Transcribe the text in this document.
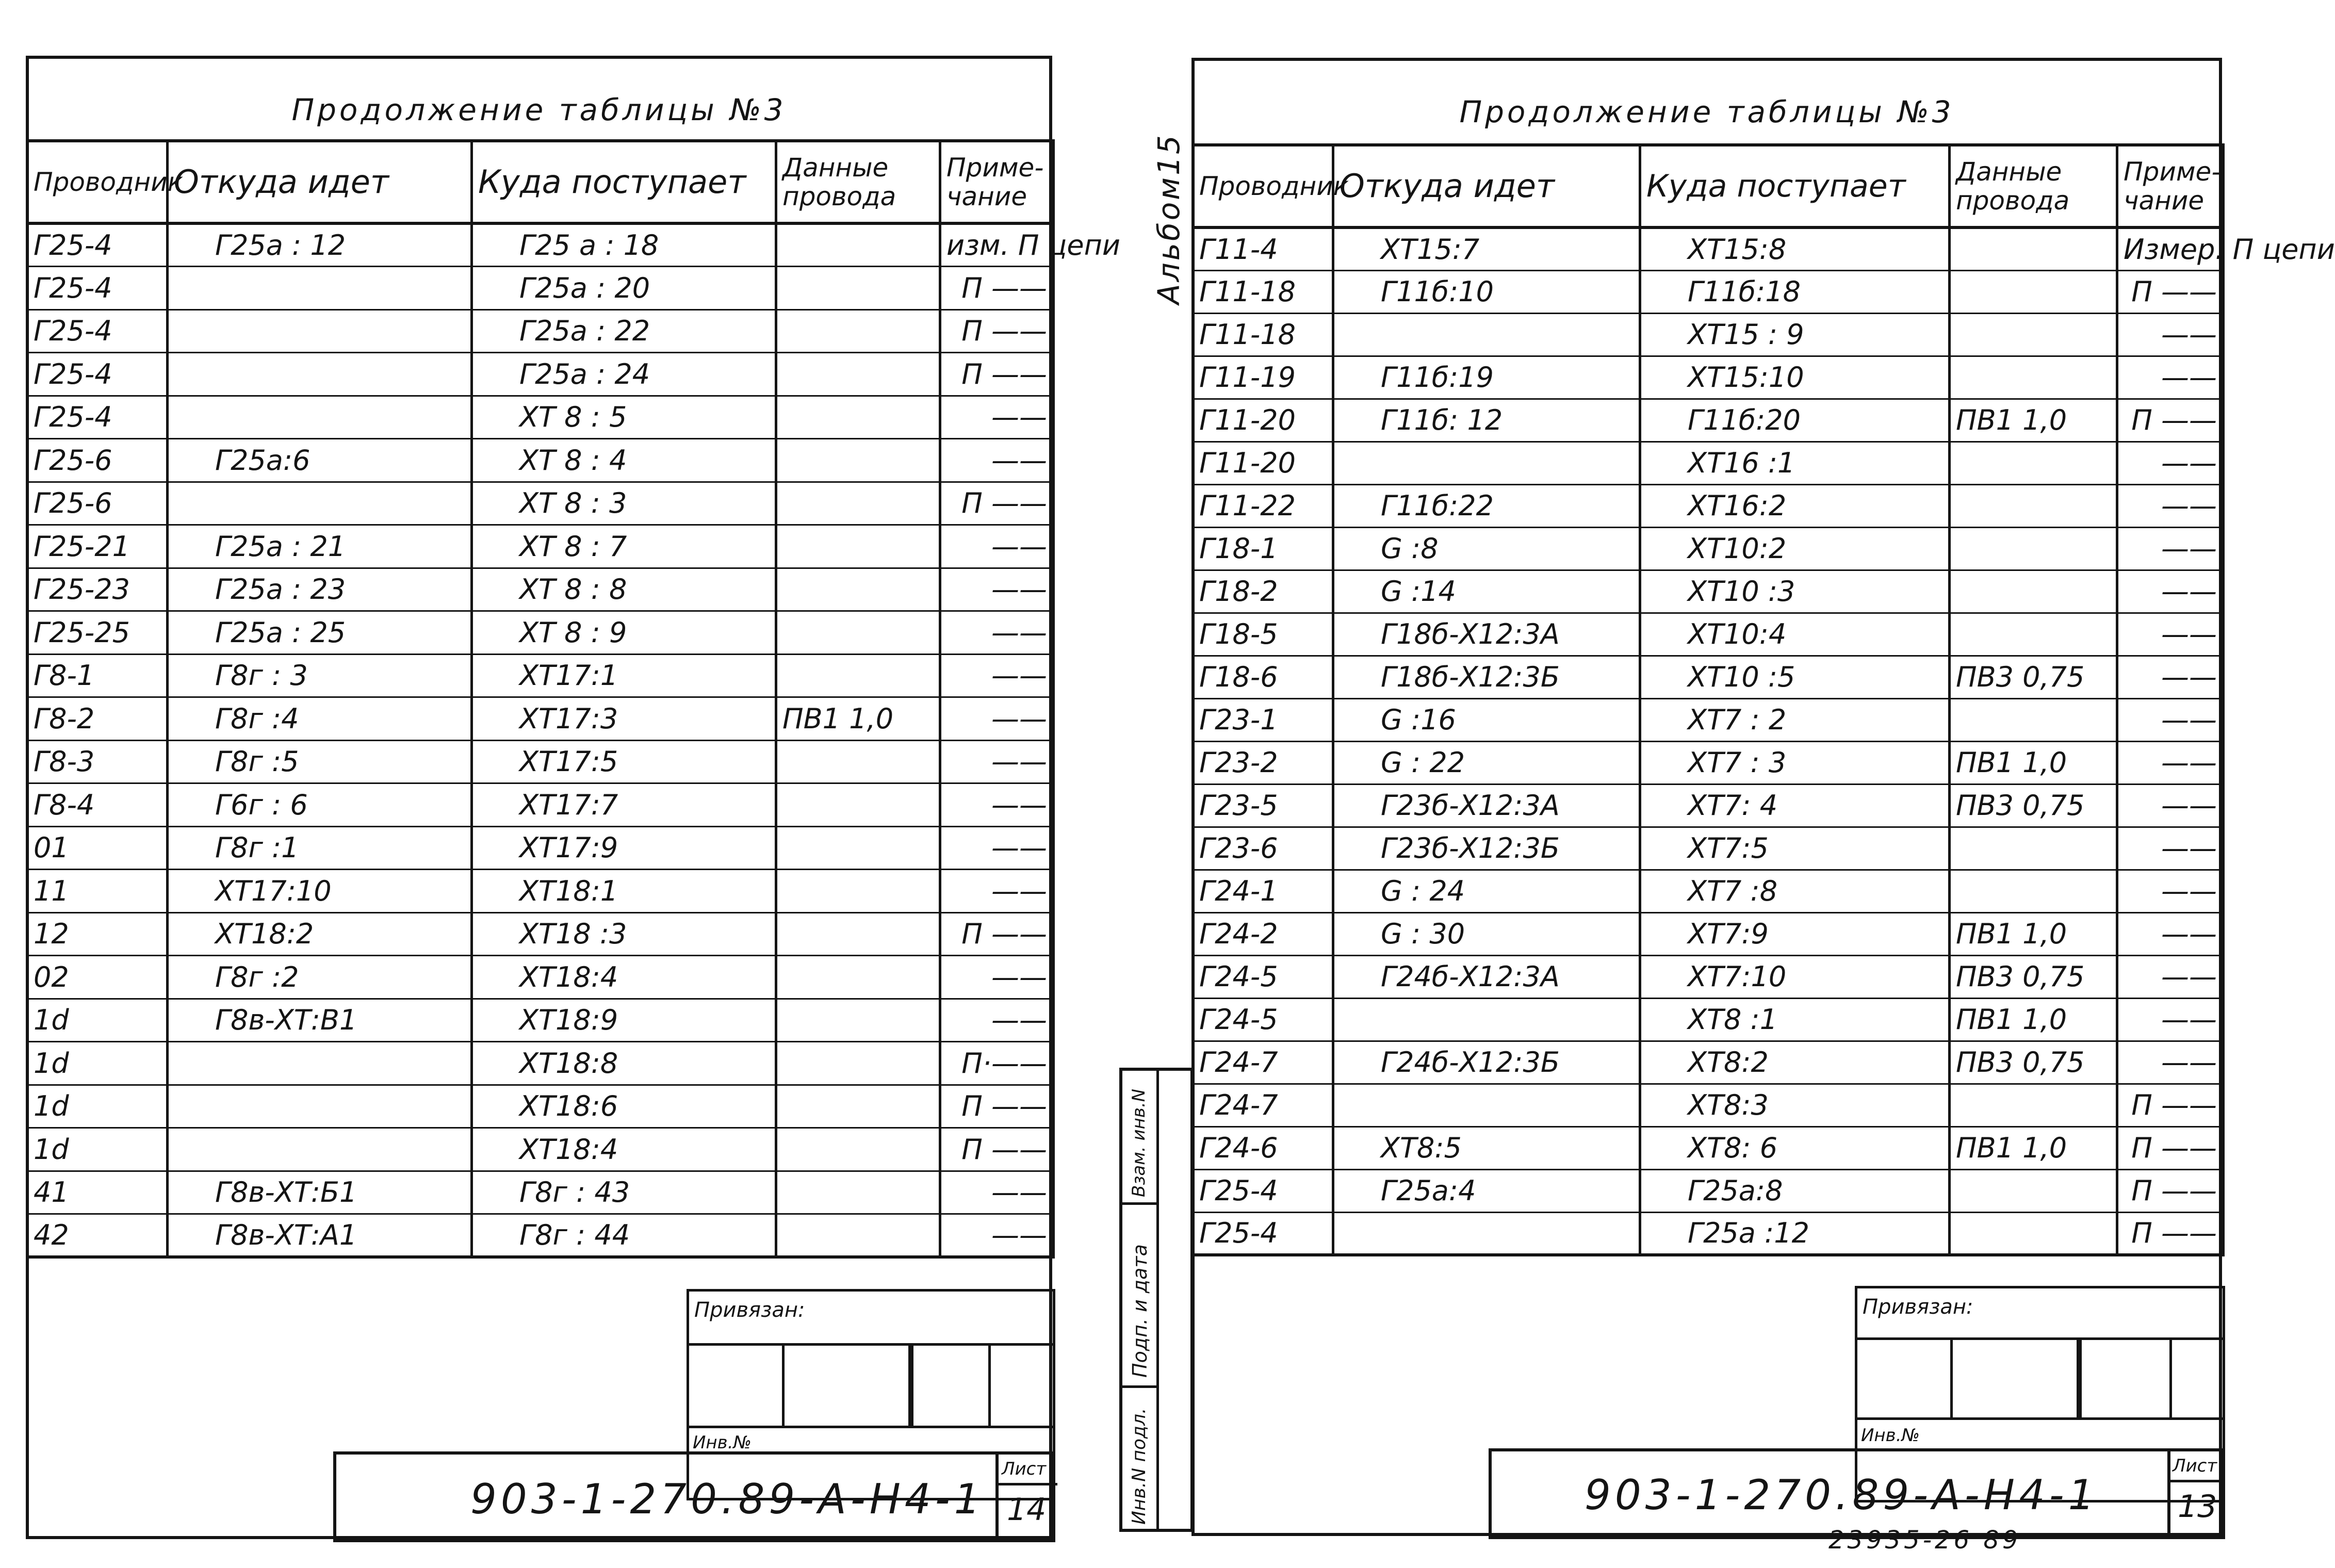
Продолжение таблицы №3
Проводник	Откуда идет	Куда поступает	Данные провода	Приме-чание
Г25-4	Г25а : 12	Г25 а : 18		изм. П цепи
Г25-4		Г25а : 20		П ——
Г25-4		Г25а : 22		П ——
Г25-4		Г25а : 24		П ——
Г25-4		ХТ 8 : 5		——
Г25-6	Г25а:6	ХТ 8 : 4		——
Г25-6		ХТ 8 : 3		П ——
Г25-21	Г25а : 21	ХТ 8 : 7		——
Г25-23	Г25а : 23	ХТ 8 : 8		——
Г25-25	Г25а : 25	ХТ 8 : 9		——
Г8-1	Г8г : 3	ХТ17:1		——
Г8-2	Г8г :4	ХТ17:3	ПВ1 1,0	——
Г8-3	Г8г :5	ХТ17:5		——
Г8-4	Г6г : 6	ХТ17:7		——
01	Г8г :1	ХТ17:9		——
11	ХТ17:10	ХТ18:1		——
12	ХТ18:2	ХТ18 :3		П ——
02	Г8г :2	ХТ18:4		——
1d	Г8в-ХТ:В1	ХТ18:9		——
1d		ХТ18:8		П·——
1d		ХТ18:6		П ——
1d		ХТ18:4		П ——
41	Г8в-ХТ:Б1	Г8г : 43		——
42	Г8в-ХТ:А1	Г8г : 44		——
Привязан:
Инв.№
903-1-270.89-А-Н4-1
Лист
14
Альбом15
Инв.N подл.
Подп. и дата
Взам. инв.N
Продолжение таблицы №3
Проводник	Откуда идет	Куда поступает	Данные провода	Приме-чание
Г11-4	ХТ15:7	ХТ15:8		Измер. П цепи
Г11-18	Г11б:10	Г11б:18		П ——
Г11-18		ХТ15 : 9		——
Г11-19	Г11б:19	ХТ15:10		——
Г11-20	Г11б: 12	Г11б:20	ПВ1 1,0	П ——
Г11-20		ХТ16 :1		——
Г11-22	Г11б:22	ХТ16:2		——
Г18-1	G :8	ХТ10:2		——
Г18-2	G :14	ХТ10 :3		——
Г18-5	Г18б-Х12:3А	ХТ10:4		——
Г18-6	Г18б-Х12:3Б	ХТ10 :5	ПВ3 0,75	——
Г23-1	G :16	ХТ7 : 2		——
Г23-2	G : 22	ХТ7 : 3	ПВ1 1,0	——
Г23-5	Г23б-Х12:3А	ХТ7: 4	ПВ3 0,75	——
Г23-6	Г23б-Х12:3Б	ХТ7:5		——
Г24-1	G : 24	ХТ7 :8		——
Г24-2	G : 30	ХТ7:9	ПВ1 1,0	——
Г24-5	Г24б-Х12:3А	ХТ7:10	ПВ3 0,75	——
Г24-5		ХТ8 :1	ПВ1 1,0	——
Г24-7	Г24б-Х12:3Б	ХТ8:2	ПВ3 0,75	——
Г24-7		ХТ8:3		П ——
Г24-6	ХТ8:5	ХТ8: 6	ПВ1 1,0	П ——
Г25-4	Г25а:4	Г25а:8		П ——
Г25-4		Г25а :12		П ——
Привязан:
Инв.№
903-1-270.89-А-Н4-1
Лист
13
23935-26 89
